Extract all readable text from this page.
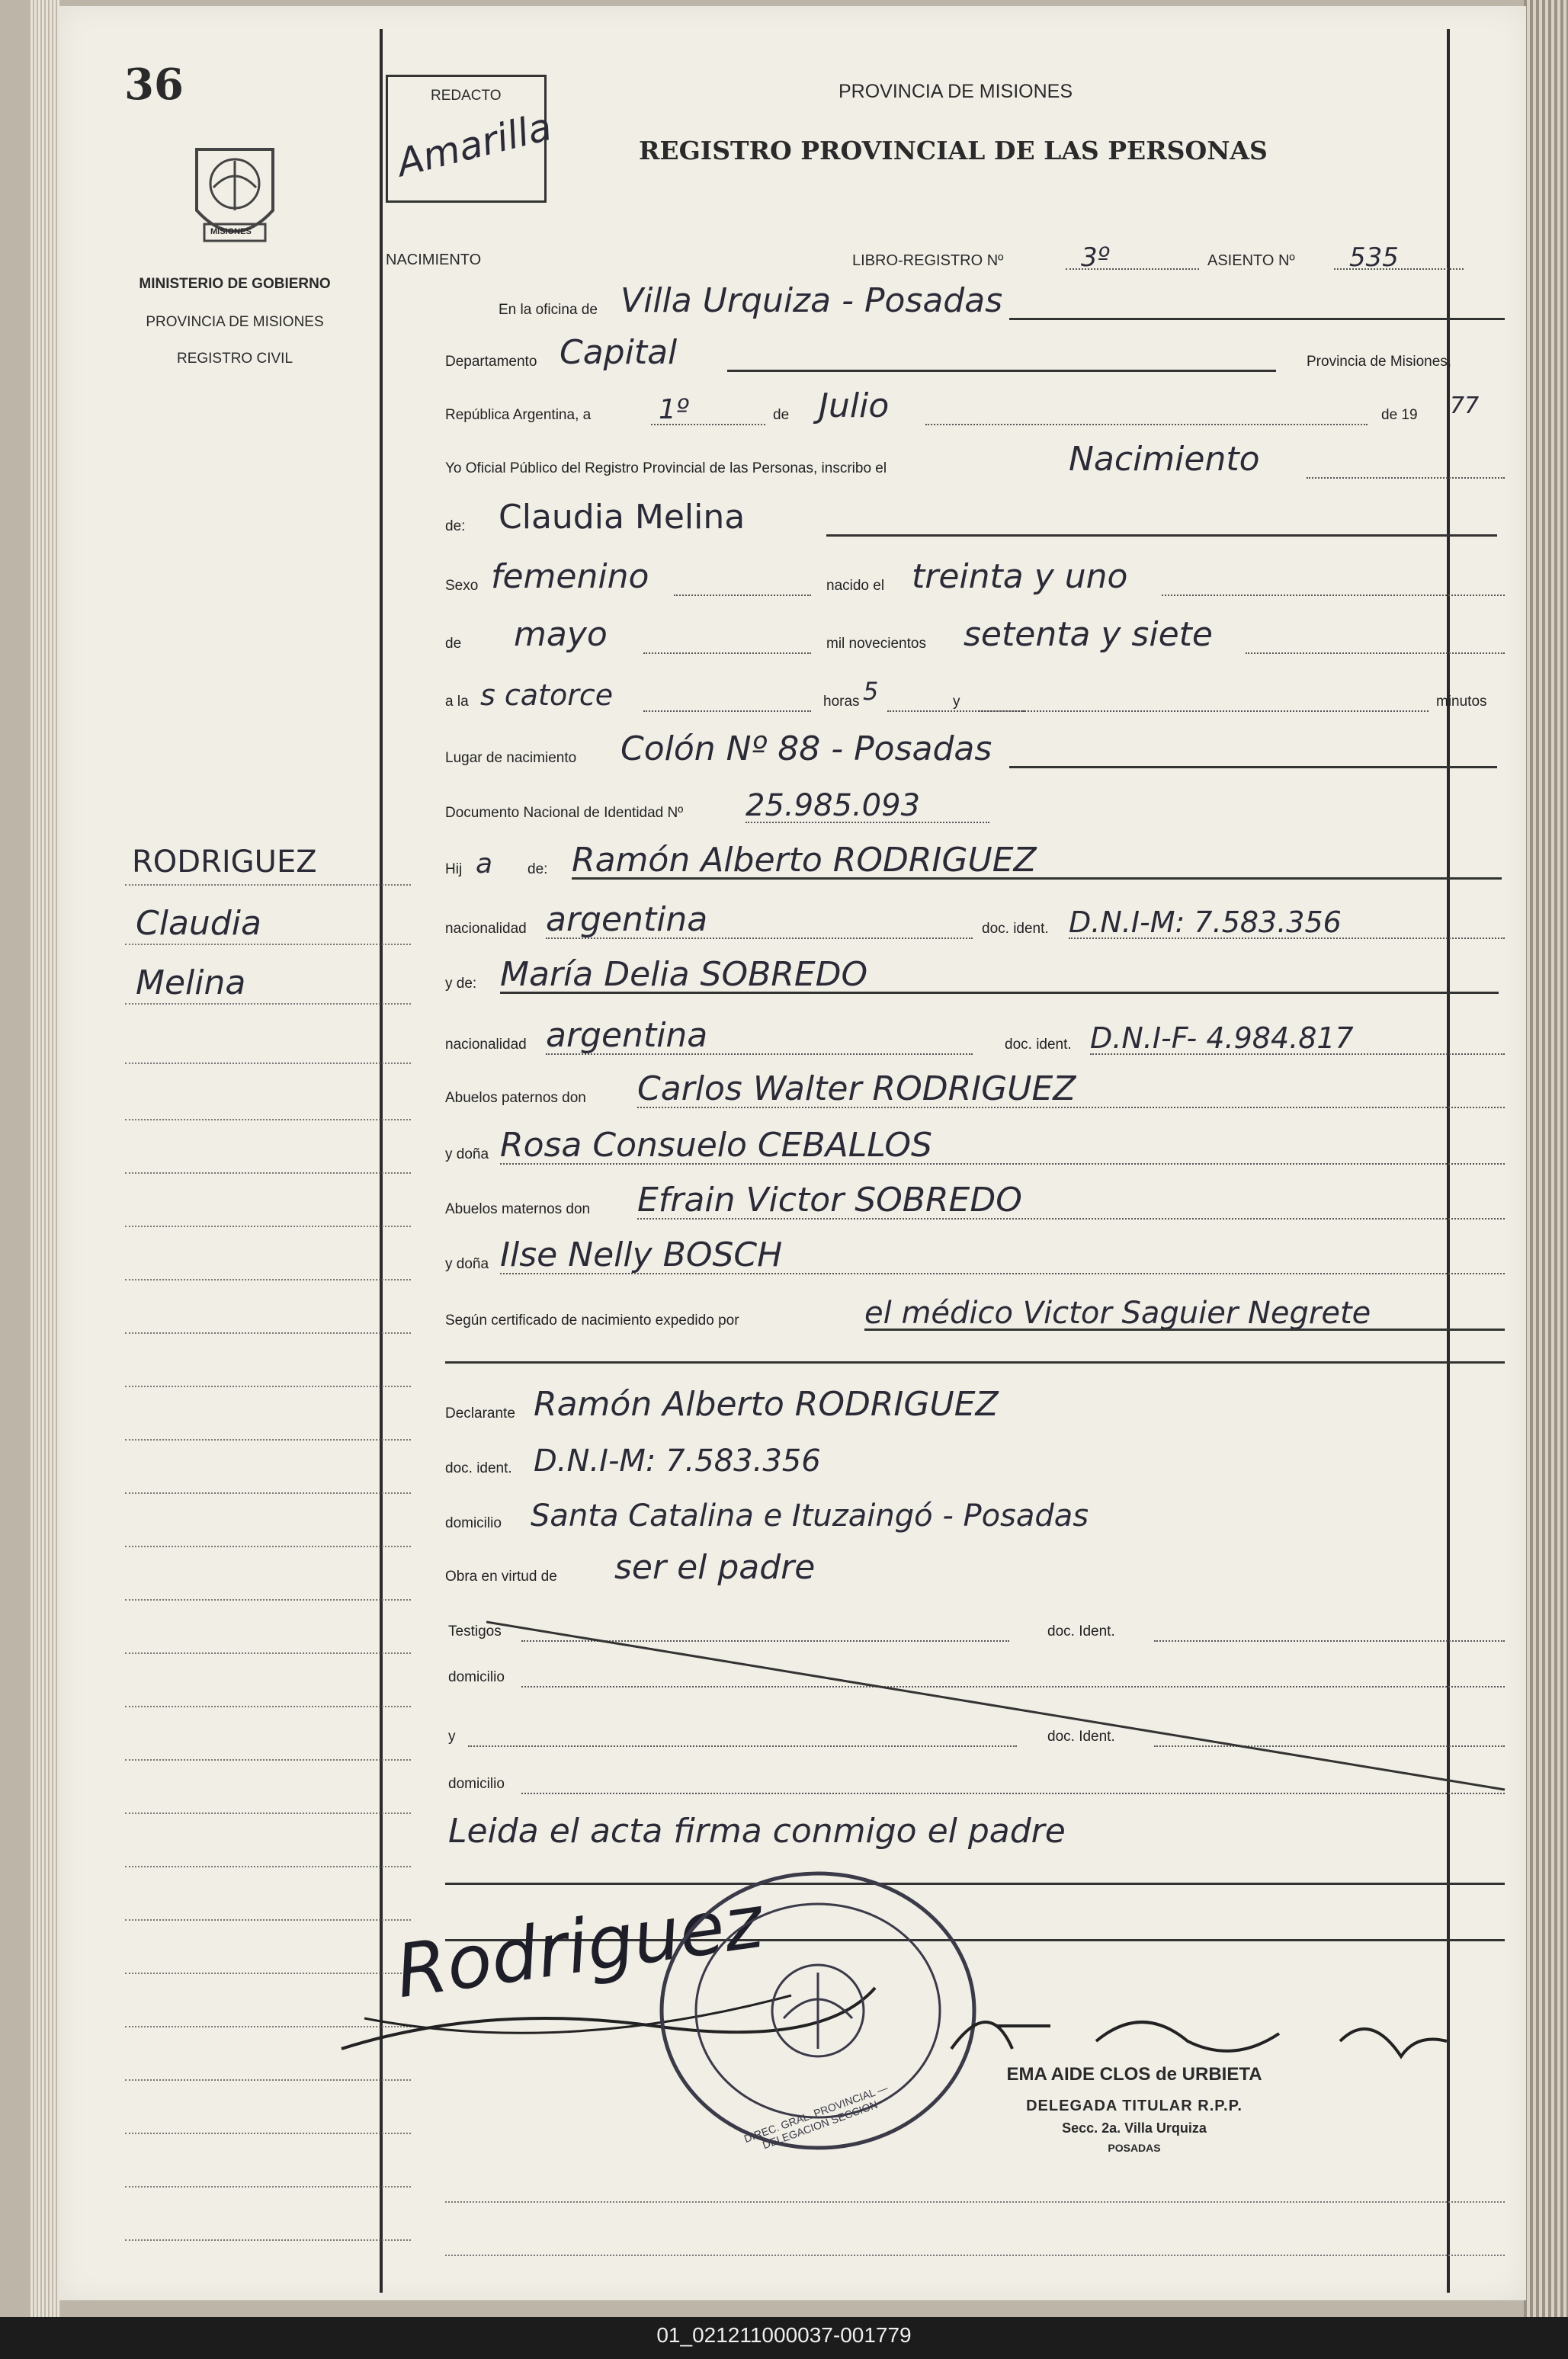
36
MISIONES
MINISTERIO DE GOBIERNO
PROVINCIA DE MISIONES
REGISTRO CIVIL
REDACTO
Amarilla
PROVINCIA DE MISIONES
REGISTRO PROVINCIAL DE LAS PERSONAS
NACIMIENTO	LIBRO-REGISTRO Nº	3º	ASIENTO Nº 535
RODRIGUEZ
Claudia
Melina
En la oficina de Villa Urquiza - Posadas
Departamento Capital	Provincia de Misiones,
República Argentina, a 1º	de Julio	de 19 77
Yo Oficial Público del Registro Provincial de las Personas, inscribo el	Nacimiento
de: Claudia Melina
Sexo femenino	nacido el treinta y uno
de mayo	mil novecientos setenta y siete
a la s catorce	horas 5	y	minutos
Lugar de nacimiento Colón Nº 88 - Posadas
Documento Nacional de Identidad Nº 25.985.093
Hij a de: Ramón Alberto RODRIGUEZ
nacionalidad argentina	doc. ident. D.N.I-M: 7.583.356
y de: María Delia SOBREDO
nacionalidad argentina	doc. ident. D.N.I-F- 4.984.817
Abuelos paternos don Carlos Walter RODRIGUEZ
y doña Rosa Consuelo CEBALLOS
Abuelos maternos don Efrain Victor SOBREDO
y doña Ilse Nelly BOSCH
Según certificado de nacimiento expedido por	el médico Victor Saguier Negrete
Declarante Ramón Alberto RODRIGUEZ
doc. ident. D.N.I-M: 7.583.356
domicilio Santa Catalina e Ituzaingó - Posadas
Obra en virtud de ser el padre
Testigos	doc. Ident.
domicilio
y	doc. Ident.
domicilio
Leida el acta firma conmigo el padre
Rodriguez
DIREC. GRAL. PROVINCIAL — DELEGACION SECCION
EMA AIDE CLOS de URBIETA
DELEGADA TITULAR R.P.P.
Secc. 2a. Villa Urquiza
POSADAS
01_021211000037-001779
